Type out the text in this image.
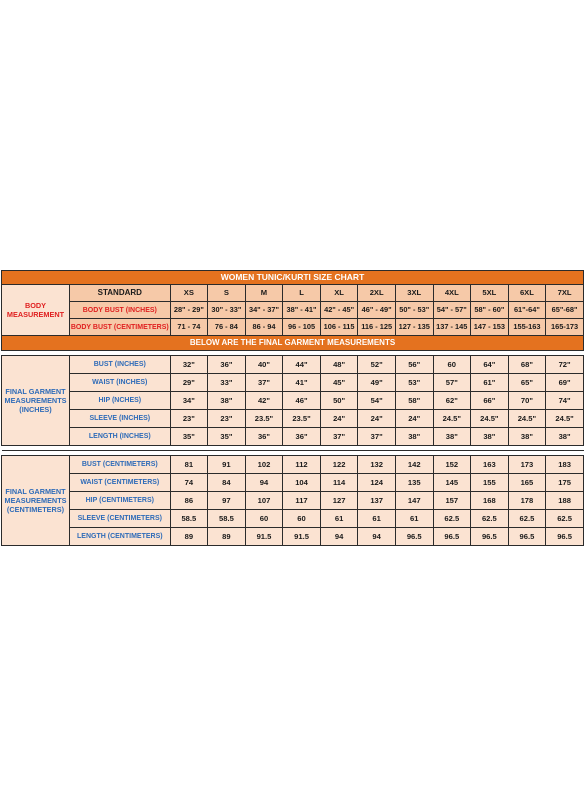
WOMEN TUNIC/KURTI SIZE CHART												
BODY MEASUREMENT	STANDARD	XS	S	M	L	XL	2XL	3XL	4XL	5XL	6XL	7XL
	BODY BUST (INCHES)	28" - 29"	30" - 33"	34" - 37"	38" - 41"	42" - 45"	46" - 49"	50" - 53"	54" - 57"	58" - 60"	61"-64"	65"-68"
	BODY BUST (CENTIMETERS)	71 - 74	76 - 84	86 - 94	96 - 105	106 - 115	116 - 125	127 - 135	137 - 145	147 - 153	155-163	165-173
BELOW ARE THE FINAL GARMENT MEASUREMENTS												

FINAL GARMENT MEASUREMENTS (INCHES)	BUST (INCHES)	32"	36"	40"	44"	48"	52"	56"	60	64"	68"	72"
	WAIST (INCHES)	29"	33"	37"	41"	45"	49"	53"	57"	61"	65"	69"
	HIP (NCHES)	34"	38"	42"	46"	50"	54"	58"	62"	66"	70"	74"
	SLEEVE (INCHES)	23"	23"	23.5"	23.5"	24"	24"	24"	24.5"	24.5"	24.5"	24.5"
	LENGTH (INCHES)	35"	35"	36"	36"	37"	37"	38"	38"	38"	38"	38"

FINAL GARMENT MEASUREMENTS (CENTIMETERS)	BUST (CENTIMETERS)	81	91	102	112	122	132	142	152	163	173	183
	WAIST (CENTIMETERS)	74	84	94	104	114	124	135	145	155	165	175
	HIP (CENTIMETERS)	86	97	107	117	127	137	147	157	168	178	188
	SLEEVE (CENTIMETERS)	58.5	58.5	60	60	61	61	61	62.5	62.5	62.5	62.5
	LENGTH (CENTIMETERS)	89	89	91.5	91.5	94	94	96.5	96.5	96.5	96.5	96.5
